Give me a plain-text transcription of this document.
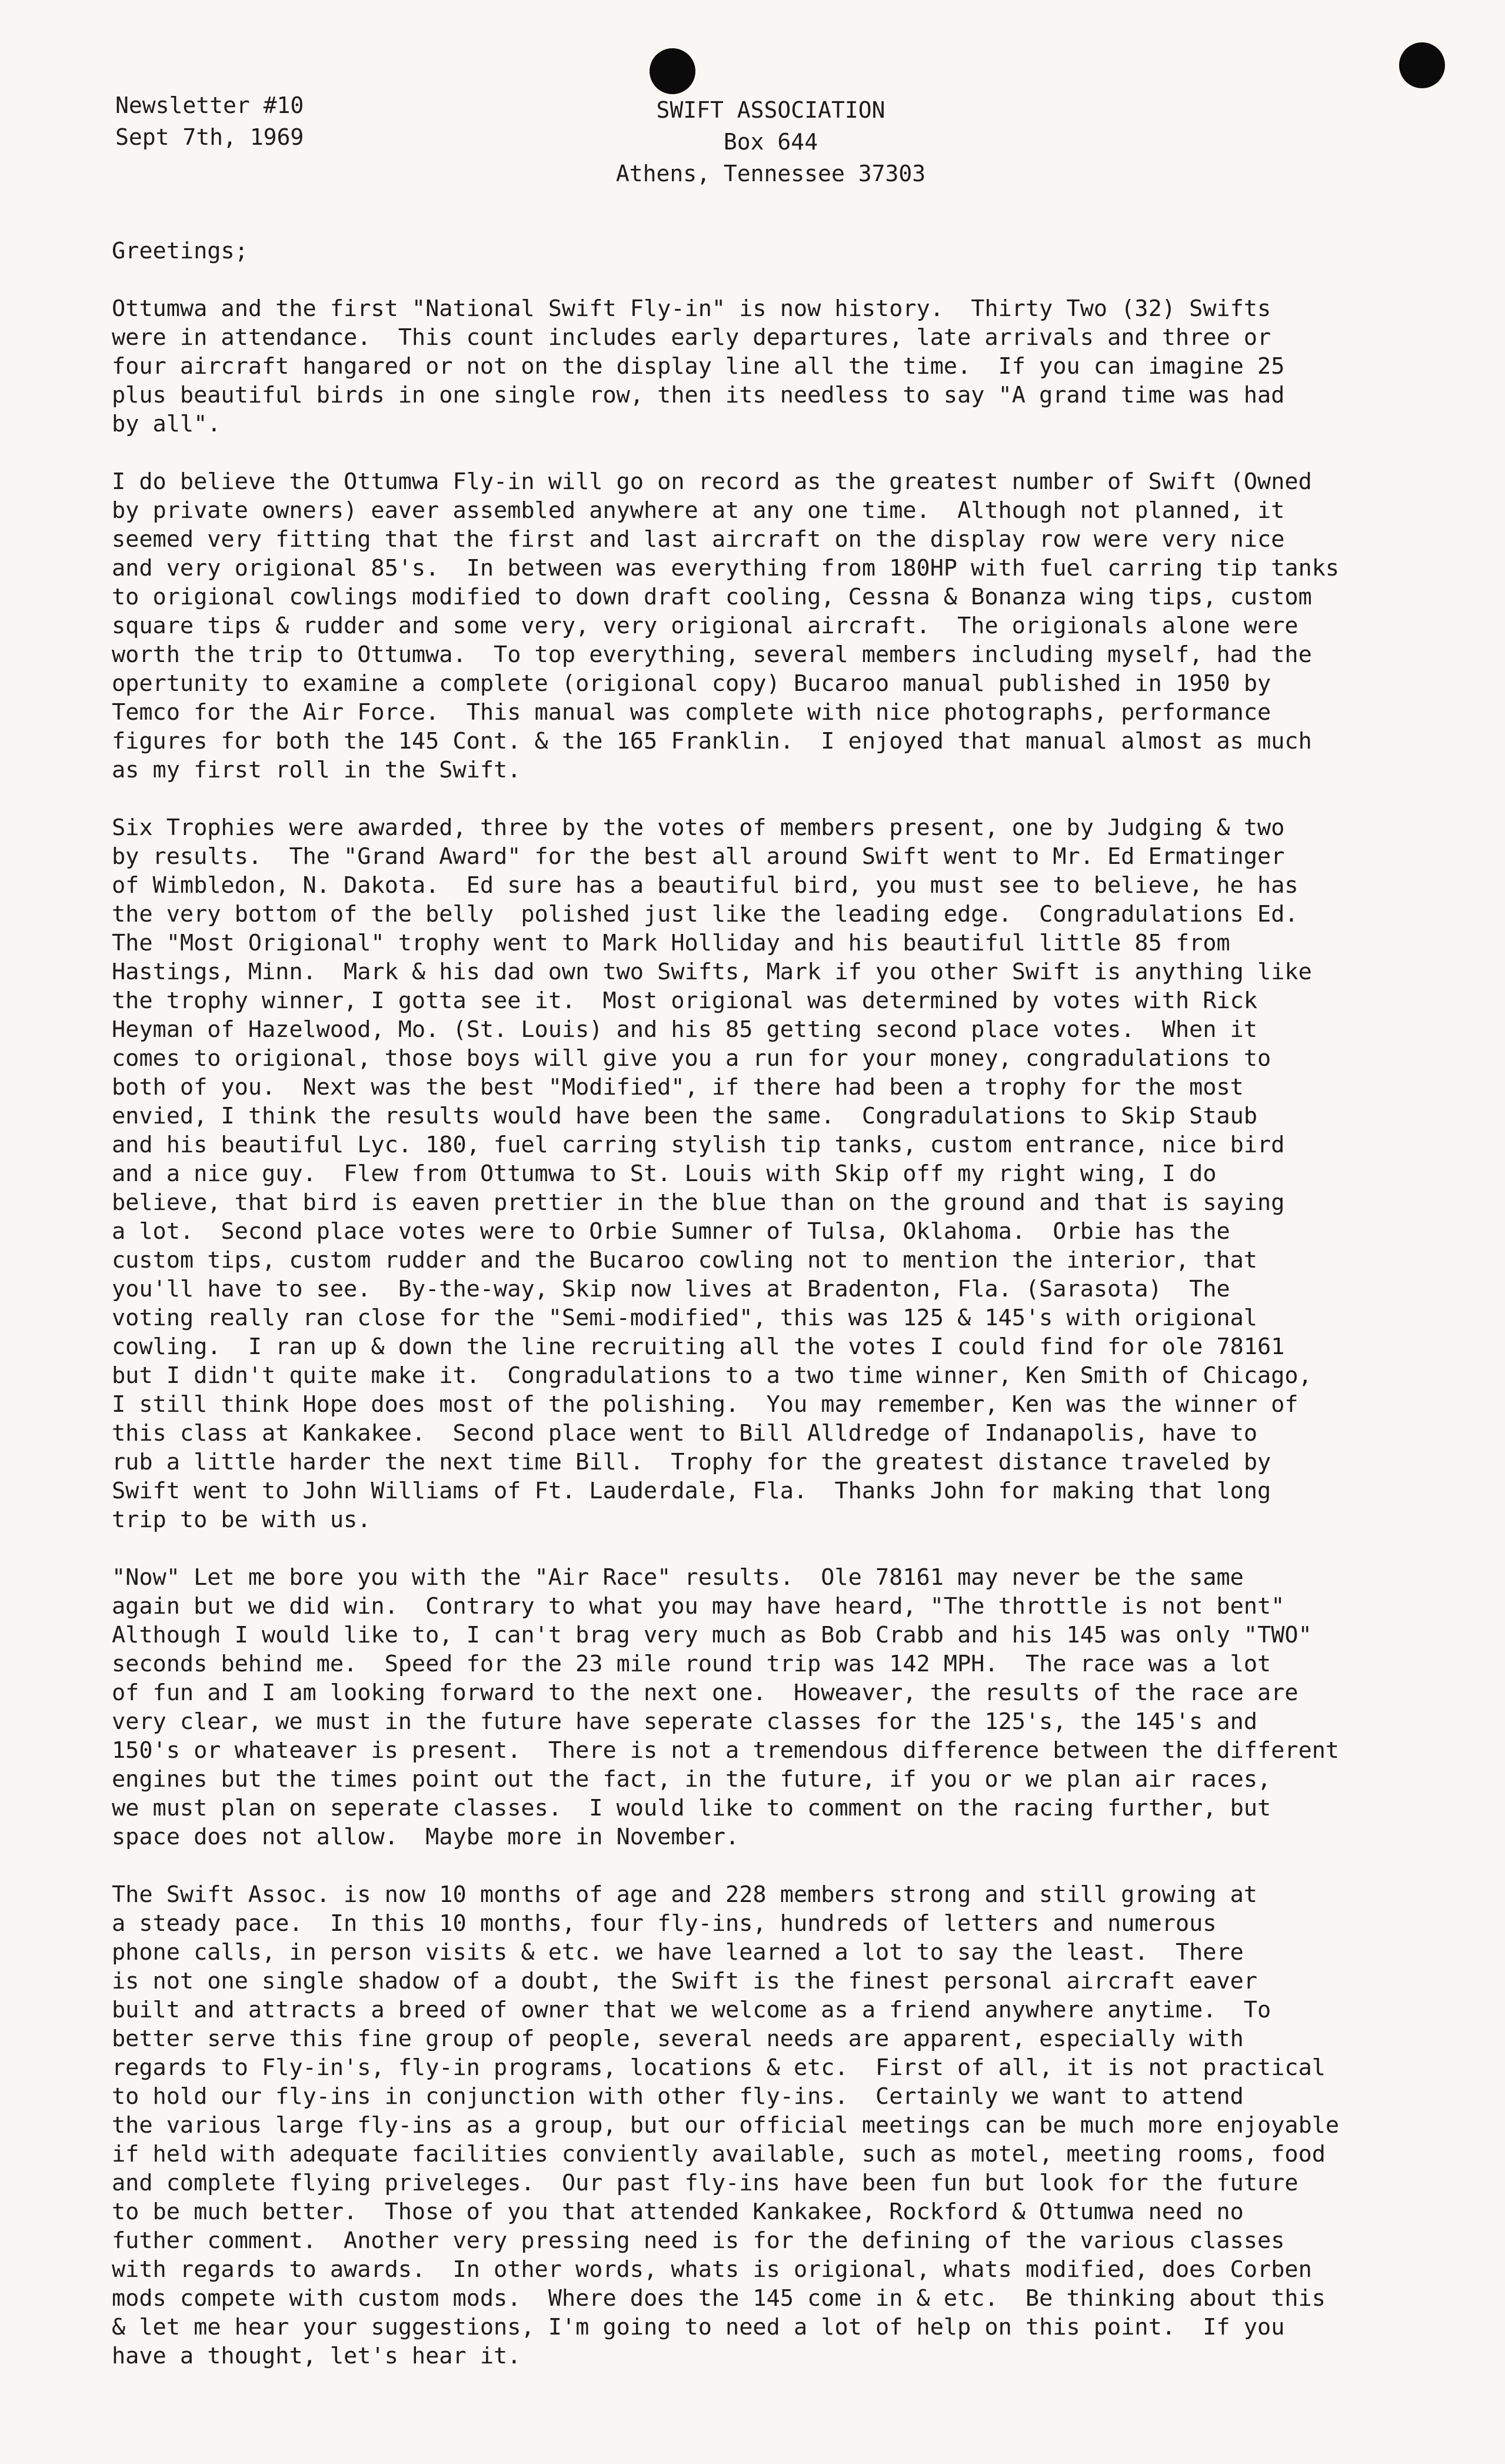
Newsletter #10
Sept 7th, 1969
SWIFT ASSOCIATION
Box 644
Athens, Tennessee 37303
Greetings;
Ottumwa and the first "National Swift Fly-in" is now history.  Thirty Two (32) Swifts
were in attendance.  This count includes early departures, late arrivals and three or
four aircraft hangared or not on the display line all the time.  If you can imagine 25
plus beautiful birds in one single row, then its needless to say "A grand time was had
by all".
I do believe the Ottumwa Fly-in will go on record as the greatest number of Swift (Owned
by private owners) eaver assembled anywhere at any one time.  Although not planned, it
seemed very fitting that the first and last aircraft on the display row were very nice
and very origional 85's.  In between was everything from 180HP with fuel carring tip tanks
to origional cowlings modified to down draft cooling, Cessna & Bonanza wing tips, custom
square tips & rudder and some very, very origional aircraft.  The origionals alone were
worth the trip to Ottumwa.  To top everything, several members including myself, had the
opertunity to examine a complete (origional copy) Bucaroo manual published in 1950 by
Temco for the Air Force.  This manual was complete with nice photographs, performance
figures for both the 145 Cont. & the 165 Franklin.  I enjoyed that manual almost as much
as my first roll in the Swift.
Six Trophies were awarded, three by the votes of members present, one by Judging & two
by results.  The "Grand Award" for the best all around Swift went to Mr. Ed Ermatinger
of Wimbledon, N. Dakota.  Ed sure has a beautiful bird, you must see to believe, he has
the very bottom of the belly  polished just like the leading edge.  Congradulations Ed.
The "Most Origional" trophy went to Mark Holliday and his beautiful little 85 from
Hastings, Minn.  Mark & his dad own two Swifts, Mark if you other Swift is anything like
the trophy winner, I gotta see it.  Most origional was determined by votes with Rick
Heyman of Hazelwood, Mo. (St. Louis) and his 85 getting second place votes.  When it
comes to origional, those boys will give you a run for your money, congradulations to
both of you.  Next was the best "Modified", if there had been a trophy for the most
envied, I think the results would have been the same.  Congradulations to Skip Staub
and his beautiful Lyc. 180, fuel carring stylish tip tanks, custom entrance, nice bird
and a nice guy.  Flew from Ottumwa to St. Louis with Skip off my right wing, I do
believe, that bird is eaven prettier in the blue than on the ground and that is saying
a lot.  Second place votes were to Orbie Sumner of Tulsa, Oklahoma.  Orbie has the
custom tips, custom rudder and the Bucaroo cowling not to mention the interior, that
you'll have to see.  By-the-way, Skip now lives at Bradenton, Fla. (Sarasota)  The
voting really ran close for the "Semi-modified", this was 125 & 145's with origional
cowling.  I ran up & down the line recruiting all the votes I could find for ole 78161
but I didn't quite make it.  Congradulations to a two time winner, Ken Smith of Chicago,
I still think Hope does most of the polishing.  You may remember, Ken was the winner of
this class at Kankakee.  Second place went to Bill Alldredge of Indanapolis, have to
rub a little harder the next time Bill.  Trophy for the greatest distance traveled by
Swift went to John Williams of Ft. Lauderdale, Fla.  Thanks John for making that long
trip to be with us.
"Now" Let me bore you with the "Air Race" results.  Ole 78161 may never be the same
again but we did win.  Contrary to what you may have heard, "The throttle is not bent"
Although I would like to, I can't brag very much as Bob Crabb and his 145 was only "TWO"
seconds behind me.  Speed for the 23 mile round trip was 142 MPH.  The race was a lot
of fun and I am looking forward to the next one.  Howeaver, the results of the race are
very clear, we must in the future have seperate classes for the 125's, the 145's and
150's or whateaver is present.  There is not a tremendous difference between the different
engines but the times point out the fact, in the future, if you or we plan air races,
we must plan on seperate classes.  I would like to comment on the racing further, but
space does not allow.  Maybe more in November.
The Swift Assoc. is now 10 months of age and 228 members strong and still growing at
a steady pace.  In this 10 months, four fly-ins, hundreds of letters and numerous
phone calls, in person visits & etc. we have learned a lot to say the least.  There
is not one single shadow of a doubt, the Swift is the finest personal aircraft eaver
built and attracts a breed of owner that we welcome as a friend anywhere anytime.  To
better serve this fine group of people, several needs are apparent, especially with
regards to Fly-in's, fly-in programs, locations & etc.  First of all, it is not practical
to hold our fly-ins in conjunction with other fly-ins.  Certainly we want to attend
the various large fly-ins as a group, but our official meetings can be much more enjoyable
if held with adequate facilities conviently available, such as motel, meeting rooms, food
and complete flying priveleges.  Our past fly-ins have been fun but look for the future
to be much better.  Those of you that attended Kankakee, Rockford & Ottumwa need no
futher comment.  Another very pressing need is for the defining of the various classes
with regards to awards.  In other words, whats is origional, whats modified, does Corben
mods compete with custom mods.  Where does the 145 come in & etc.  Be thinking about this
& let me hear your suggestions, I'm going to need a lot of help on this point.  If you
have a thought, let's hear it.
